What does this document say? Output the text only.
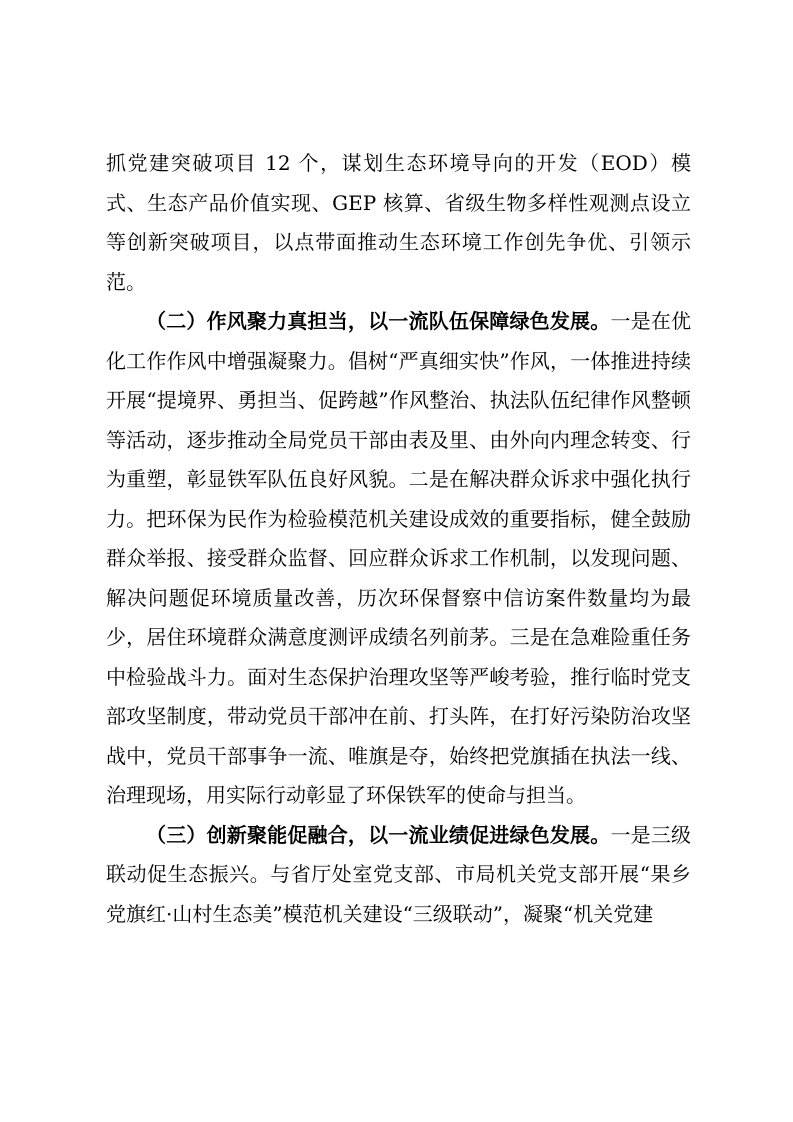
抓党建突破项目 12 个，谋划生态环境导向的开发（EOD）模式、生态产品价值实现、GEP 核算、省级生物多样性观测点设立等创新突破项目，以点带面推动生态环境工作创先争优、引领示范。

（二）作风聚力真担当，以一流队伍保障绿色发展。一是在优化工作作风中增强凝聚力。倡树“严真细实快”作风，一体推进持续开展“提境界、勇担当、促跨越”作风整治、执法队伍纪律作风整顿等活动，逐步推动全局党员干部由表及里、由外向内理念转变、行为重塑，彰显铁军队伍良好风貌。二是在解决群众诉求中强化执行力。把环保为民作为检验模范机关建设成效的重要指标，健全鼓励群众举报、接受群众监督、回应群众诉求工作机制，以发现问题、解决问题促环境质量改善，历次环保督察中信访案件数量均为最少，居住环境群众满意度测评成绩名列前茅。三是在急难险重任务中检验战斗力。面对生态保护治理攻坚等严峻考验，推行临时党支部攻坚制度，带动党员干部冲在前、打头阵，在打好污染防治攻坚战中，党员干部事争一流、唯旗是夺，始终把党旗插在执法一线、治理现场，用实际行动彰显了环保铁军的使命与担当。

（三）创新聚能促融合，以一流业绩促进绿色发展。一是三级联动促生态振兴。与省厅处室党支部、市局机关党支部开展“果乡党旗红·山村生态美”模范机关建设“三级联动”，凝聚“机关党建
